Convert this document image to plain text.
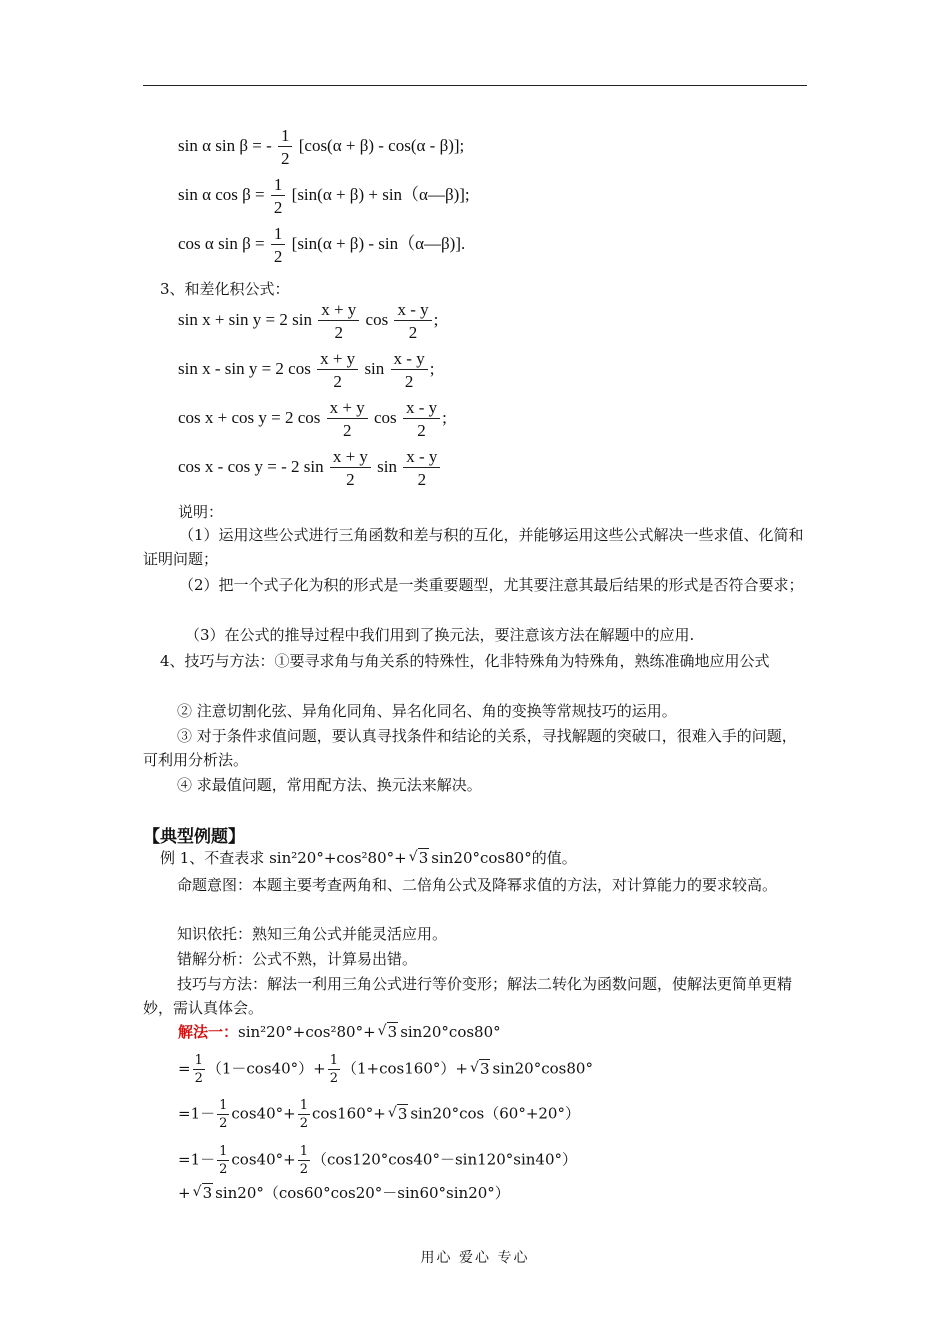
sin α sin β = - $\frac{1}{2} [\cos(\alpha + \beta) - \cos(\alpha - \beta)]$;
sin α $\cos \beta = \frac{1}{2} [\sin(\alpha + \beta)$ + sin（α—β)];
cos α $\sin \beta = \frac{1}{2} [\sin(\alpha + \beta)$ - sin（α—β)].
3、和差化积公式：
sin x + sin y = 2 $\sin \frac{x + y}{2}$ $\cos \frac{x - y}{2}$ ;
sin x - sin y = 2 $\cos \frac{x + y}{2}$ $\sin \frac{x - y}{2}$ ;
cos x + cos y = 2 $\cos \frac{x + y}{2}$ $\cos \frac{x - y}{2}$ ;
cos x - cos y = - 2 $\sin \frac{x + y}{2}$ $\sin \frac{x - y}{2}$
说明：
（1）运用这些公式进行三角函数和差与积的互化，并能够运用这些公式解决一些求值、化简和证明问题；
（2）把一个式子化为积的形式是一类重要题型，尤其要注意其最后结果的形式是否符合要求；
（3）在公式的推导过程中我们用到了换元法，要注意该方法在解题中的应用.
4、技巧与方法：①要寻求角与角关系的特殊性，化非特殊角为特殊角，熟练准确地应用公式
② 注意切割化弦、异角化同角、异名化同名、角的变换等常规技巧的运用。
③ 对于条件求值问题，要认真寻找条件和结论的关系，寻找解题的突破口，很难入手的问题，可利用分析法。
④ 求最值问题，常用配方法、换元法来解决。
【典型例题】
例 1、不查表求 sin²20°+cos²80°+√ 3 sin20°cos80°的值。
命题意图：本题主要考查两角和、二倍角公式及降幂求值的方法，对计算能力的要求较高。
知识依托：熟知三角公式并能灵活应用。
错解分析：公式不熟，计算易出错。
技巧与方法：解法一利用三角公式进行等价变形；解法二转化为函数问题，使解法更简单更精妙，需认真体会。
解法一：sin²20°+cos²80°+√ 3 sin20°cos80°
= $\frac{1}{2} (1-\cos 40^\circ)+ \frac{1}{2} (1+\cos 160^\circ)+√$ 3 sin20°cos80°
$=1- \frac{1}{2} \cos 40^\circ+ \frac{1}{2} \cos 160^\circ+√$ 3 sin20°cos（60°+20°）
$=1- \frac{1}{2} \cos 40^\circ+ \frac{1}{2} (\cos 120^\circ\cos 40^\circ-\sin 120^\circ\sin 40^\circ)$
+√ 3 sin20°（cos60°cos20°－sin60°sin20°）
用心 爱心 专心
